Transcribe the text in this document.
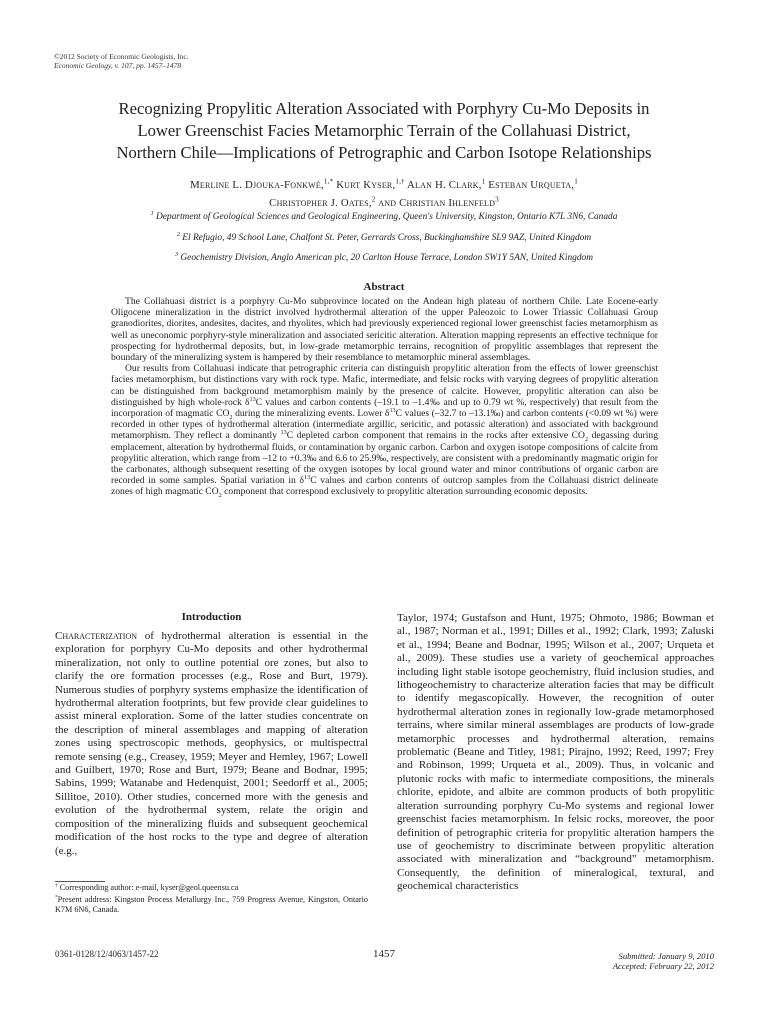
©2012 Society of Economic Geologists, Inc.
Economic Geology, v. 107, pp. 1457–1478
Recognizing Propylitic Alteration Associated with Porphyry Cu-Mo Deposits in
Lower Greenschist Facies Metamorphic Terrain of the Collahuasi District,
Northern Chile—Implications of Petrographic and Carbon Isotope Relationships
Merline L. Djouka-Fonkwé,$^{1,*}$ Kurt Kyser,$^{1,\dagger}$ Alan H. Clark,$^1$ Esteban Urqueta,$^1$
Christopher J. Oates,$^2$ and Christian Ihlenfeld$^3$
$^1$ Department of Geological Sciences and Geological Engineering, Queen's University, Kingston, Ontario K7L 3N6, Canada
$^2$ El Refugio, 49 School Lane, Chalfont St. Peter, Gerrards Cross, Buckinghamshire SL9 9AZ, United Kingdom
$^3$ Geochemistry Division, Anglo American plc, 20 Carlton House Terrace, London SW1Y 5AN, United Kingdom
Abstract

The Collahuasi district is a porphyry Cu-Mo subprovince located on the Andean high plateau of northern Chile. Late Eocene-early Oligocene mineralization in the district involved hydrothermal alteration of the upper Paleozoic to Lower Triassic Collahuasi Group granodiorites, diorites, andesites, dacites, and rhyolites, which had previously experienced regional lower greenschist facies metamorphism as well as uneconomic porphyry-style mineralization and associated sericitic alteration. Alteration mapping represents an effective technique for prospecting for hydrothermal deposits, but, in low-grade metamorphic terrains, recognition of propylitic assemblages that represent the boundary of the mineralizing system is hampered by their resemblance to metamorphic mineral assemblages.

Our results from Collahuasi indicate that petrographic criteria can distinguish propylitic alteration from the effects of lower greenschist facies metamorphism, but distinctions vary with rock type. Mafic, intermediate, and felsic rocks with varying degrees of propylitic alteration can be distinguished from background metamorphism mainly by the presence of calcite. However, propylitic alteration can also be distinguished by high whole-rock $\delta^{13}C$ values and carbon contents (–19.1 to –1.4‰ and up to 0.79 wt %, respectively) that result from the incorporation of magmatic $CO_2$ during the mineralizing events. Lower $\delta^{13}C$ values (–32.7 to –13.1‰) and carbon contents (<0.09 wt %) were recorded in other types of hydrothermal alteration (intermediate argillic, sericitic, and potassic alteration) and associated with background metamorphism. They reflect a dominantly $^{13}$C depleted carbon component that remains in the rocks after extensive $CO_2$ degassing during emplacement, alteration by hydrothermal fluids, or contamination by organic carbon. Carbon and oxygen isotope compositions of calcite from propylitic alteration, which range from –12 to +0.3‰ and 6.6 to 25.9‰, respectively, are consistent with a predominantly magmatic origin for the carbonates, although subsequent resetting of the oxygen isotopes by local ground water and minor contributions of organic carbon are recorded in some samples. Spatial variation in $\delta^{13}C$ values and carbon contents of outcrop samples from the Collahuasi district delineate zones of high magmatic $CO_2$ component that correspond exclusively to propylitic alteration surrounding economic deposits.

Introduction
Characterization of hydrothermal alteration is essential in the exploration for porphyry Cu-Mo deposits and other hydrothermal mineralization, not only to outline potential ore zones, but also to clarify the ore formation processes (e.g., Rose and Burt, 1979). Numerous studies of porphyry systems emphasize the identification of hydrothermal alteration footprints, but few provide clear guidelines to assist mineral exploration. Some of the latter studies concentrate on the description of mineral assemblages and mapping of alteration zones using spectroscopic methods, geophysics, or multispectral remote sensing (e.g., Creasey, 1959; Meyer and Hemley, 1967; Lowell and Guilbert, 1970; Rose and Burt, 1979; Beane and Bodnar, 1995; Sabins, 1999; Watanabe and Hedenquist, 2001; Seedorff et al., 2005; Sillitoe, 2010). Other studies, concerned more with the genesis and evolution of the hydrothermal system, relate the origin and composition of the mineralizing fluids and subsequent geochemical modification of the host rocks to the type and degree of alteration (e.g.,
Taylor, 1974; Gustafson and Hunt, 1975; Ohmoto, 1986; Bowman et al., 1987; Norman et al., 1991; Dilles et al., 1992; Clark, 1993; Zaluski et al., 1994; Beane and Bodnar, 1995; Wilson et al., 2007; Urqueta et al., 2009). These studies use a variety of geochemical approaches including light stable isotope geochemistry, fluid inclusion studies, and lithogeochemistry to characterize alteration facies that may be difficult to identify megascopically. However, the recognition of outer hydrothermal alteration zones in regionally low-grade metamorphosed terrains, where similar mineral assemblages are products of low-grade metamorphic processes and hydrothermal alteration, remains problematic (Beane and Titley, 1981; Pirajno, 1992; Reed, 1997; Frey and Robinson, 1999; Urqueta et al., 2009). Thus, in volcanic and plutonic rocks with mafic to intermediate compositions, the minerals chlorite, epidote, and albite are common products of both propylitic alteration surrounding porphyry Cu-Mo systems and regional lower greenschist facies metamorphism. In felsic rocks, moreover, the poor definition of petrographic criteria for propylitic alteration hampers the use of geochemistry to discriminate between propylitic alteration associated with mineralization and “background” metamorphism. Consequently, the definition of mineralogical, textural, and geochemical characteristics
† Corresponding author: e-mail, kyser@geol.queensu.ca
*Present address: Kingston Process Metallurgy Inc., 759 Progress Avenue, Kingston, Ontario K7M 6N6, Canada.
0361-0128/12/4063/1457-22	1457	Submitted: January 9, 2010
Accepted: February 22, 2012
